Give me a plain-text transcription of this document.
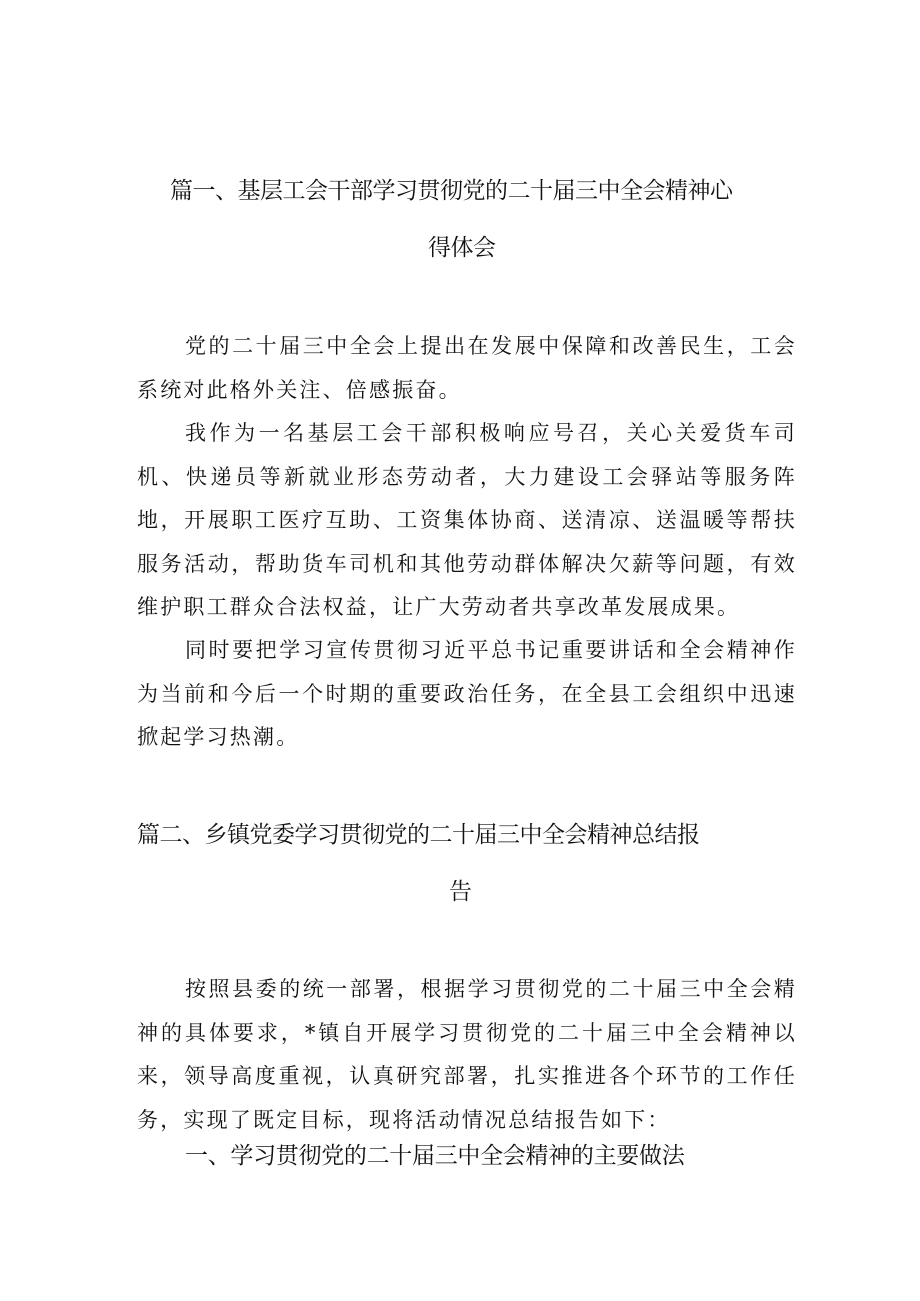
篇一、基层工会干部学习贯彻党的二十届三中全会精神心
得体会

党的二十届三中全会上提出在发展中保障和改善民生，工会系统对此格外关注、倍感振奋。

我作为一名基层工会干部积极响应号召，关心关爱货车司机、快递员等新就业形态劳动者，大力建设工会驿站等服务阵地，开展职工医疗互助、工资集体协商、送清凉、送温暖等帮扶服务活动，帮助货车司机和其他劳动群体解决欠薪等问题，有效维护职工群众合法权益，让广大劳动者共享改革发展成果。

同时要把学习宣传贯彻习近平总书记重要讲话和全会精神作为当前和今后一个时期的重要政治任务，在全县工会组织中迅速掀起学习热潮。

篇二、乡镇党委学习贯彻党的二十届三中全会精神总结报
告

按照县委的统一部署，根据学习贯彻党的二十届三中全会精神的具体要求，*镇自开展学习贯彻党的二十届三中全会精神以来，领导高度重视，认真研究部署，扎实推进各个环节的工作任务，实现了既定目标，现将活动情况总结报告如下：

一、学习贯彻党的二十届三中全会精神的主要做法
